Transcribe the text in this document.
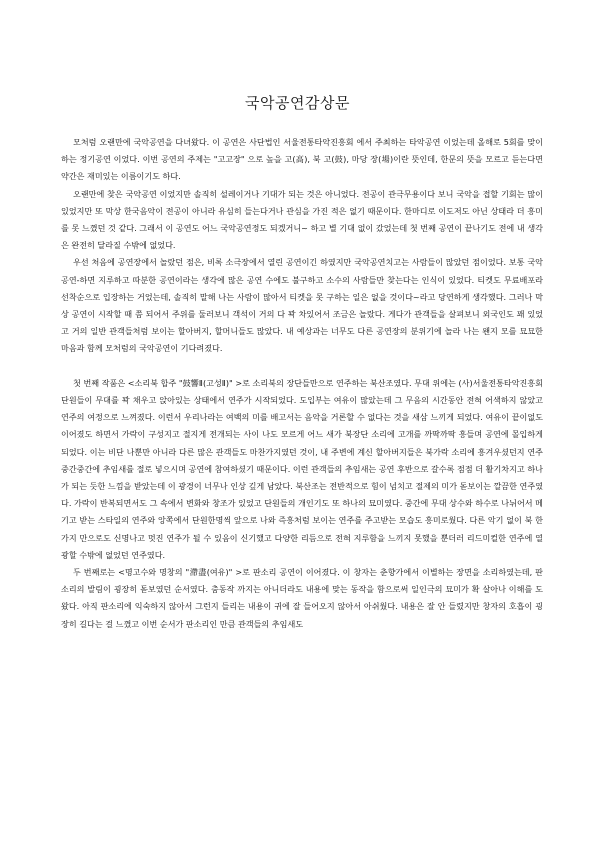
국악공연감상문

모처럼 오랜만에 국악공연을 다녀왔다. 이 공연은 사단법인 서울전통타악진흥회 에서 주최하는 타악공연 이었는데 올해로 5회를 맞이하는 정기공연 이었다. 이번 공연의 주제는 "고고장" 으로 높을 고(高), 북 고(鼓), 마당 장(場)이란 뜻인데, 한문의 뜻을 모르고 듣는다면 약간은 재미있는 이름이기도 하다.

오랜만에 찾은 국악공연 이었지만 솔직히 설레이거나 기대가 되는 것은 아니었다. 전공이 관극무용이다 보니 국악을 접할 기회는 많이 있었지만 또 막상 한국음악이 전공이 아니라 유심히 들는다거나 관심을 가진 적은 없기 때문이다. 한마디로 이도저도 아닌 상태라 더 흥미를 못 느꼈던 것 같다. 그래서 이 공연도 어느 국악공연정도 되겠거니~ 하고 별 기대 없이 갔었는데 첫 번째 공연이 끝나기도 전에 내 생각은 완전히 달라질 수밖에 없었다.

우선 처음에 공연장에서 놀랐던 점은, 비록 소극장에서 열린 공연이긴 하였지만 국악공연치고는 사람들이 많았던 점이었다. 보통 국악공연-하면 지루하고 따분한 공연이라는 생각에 많은 공연 수에도 불구하고 소수의 사람들만 찾는다는 인식이 있었다. 티켓도 무료배포라 선착순으로 입장하는 거었는데, 솔직히 말해 나는 사람이 많아서 티켓을 못 구하는 일은 없을 것이다~라고 당연하게 생각했다. 그러나 막상 공연이 시작할 때 쯤 되어서 주위를 둘러보니 객석이 거의 다 꽉 차있어서 조금은 놀랐다. 게다가 관객들을 살펴보니 외국인도 꽤 있었고 거의 일반 관객들처럼 보이는 할아버지, 할머니들도 많았다. 내 예상과는 너무도 다른 공연장의 분위기에 놀라 나는 왠지 모를 묘묘한 마음과 함께 모처럼의 국악공연이 기다려졌다.

첫 번째 작품은 <소리북 합주 "鼓響Ⅱ(고성Ⅱ)" >로 소리북의 장단들만으로 연주하는 북산조였다. 무대 위에는 (사)서울전통타악진흥회 단원들이 무대를 꽉 채우고 앉아있는 상태에서 연주가 시작되었다. 도입부는 여유이 많았는데 그 무음의 시간동안 전혀 어색하지 않았고 연주의 여정으로 느껴졌다. 이런서 우리나라는 여백의 미를 배고서는 음악을 거론할 수 없다는 것을 새삼 느끼게 되었다. 여유이 끝이없도 이어졌도 하면서 가락이 구성지고 절지게 전개되는 사이 나도 모르게 어느 새가 북장단 소리에 고개를 까딱까딱 흥들며 공연에 몰입하게 되었다. 이는 비단 나뿐만 아니라 다른 많은 관객들도 마찬가지였던 것이, 내 주변에 계신 할아버지들은 북가락 소리에 흥겨우셨던지 연주 중간중간에 추임새를 절로 넣으시며 공연에 참여하셨기 때문이다. 이런 관객들의 추임새는 공연 후반으로 갈수록 점점 더 활기차지고 하나가 되는 듯한 느낌을 받았는데 이 광경이 너무나 인상 깊게 남았다. 북산조는 전반적으로 힘이 넘치고 절제의 미가 돋보이는 깔끔한 연주였다. 가락이 반복되면서도 그 속에서 변화와 창조가 있었고 단원들의 개인기도 또 하나의 묘미였다. 중간에 무대 상수와 하수로 나뉘어서 메기고 받는 스타일의 연주와 앙쪽에서 단원한명씩 앞으로 나와 즉흥처럼 보이는 연주를 주고받는 모습도 흥미로웠다. 다른 악기 없이 북 한 가지 만으로도 신명나고 멋진 연주가 될 수 있음이 신기했고 다양한 리듬으로 전혀 지루함을 느끼지 못했을 뿐더러 리드미컬한 연주에 열광할 수밖에 없었던 연주였다.

두 번째로는 <명고수와 명창의 "滯盡(여유)" >로 판소리 공연이 이어졌다. 이 창자는 춘향가에서 이별하는 장면을 소리하였는데, 판소리의 발림이 굉장히 돋보였던 순서였다. 춤동작 까지는 아니더라도 내용에 맞는 동작을 함으로써 일인극의 묘미가 확 살아나 이해를 도왔다. 아직 판소리에 익숙하지 않아서 그런지 들리는 내용이 귀에 잘 들어오지 않아서 아쉬웠다. 내용은 잘 안 들렸지만 창자의 호흡이 굉장히 길다는 걸 느꼈고 이번 순서가 판소리인 만큼 관객들의 추임새도
